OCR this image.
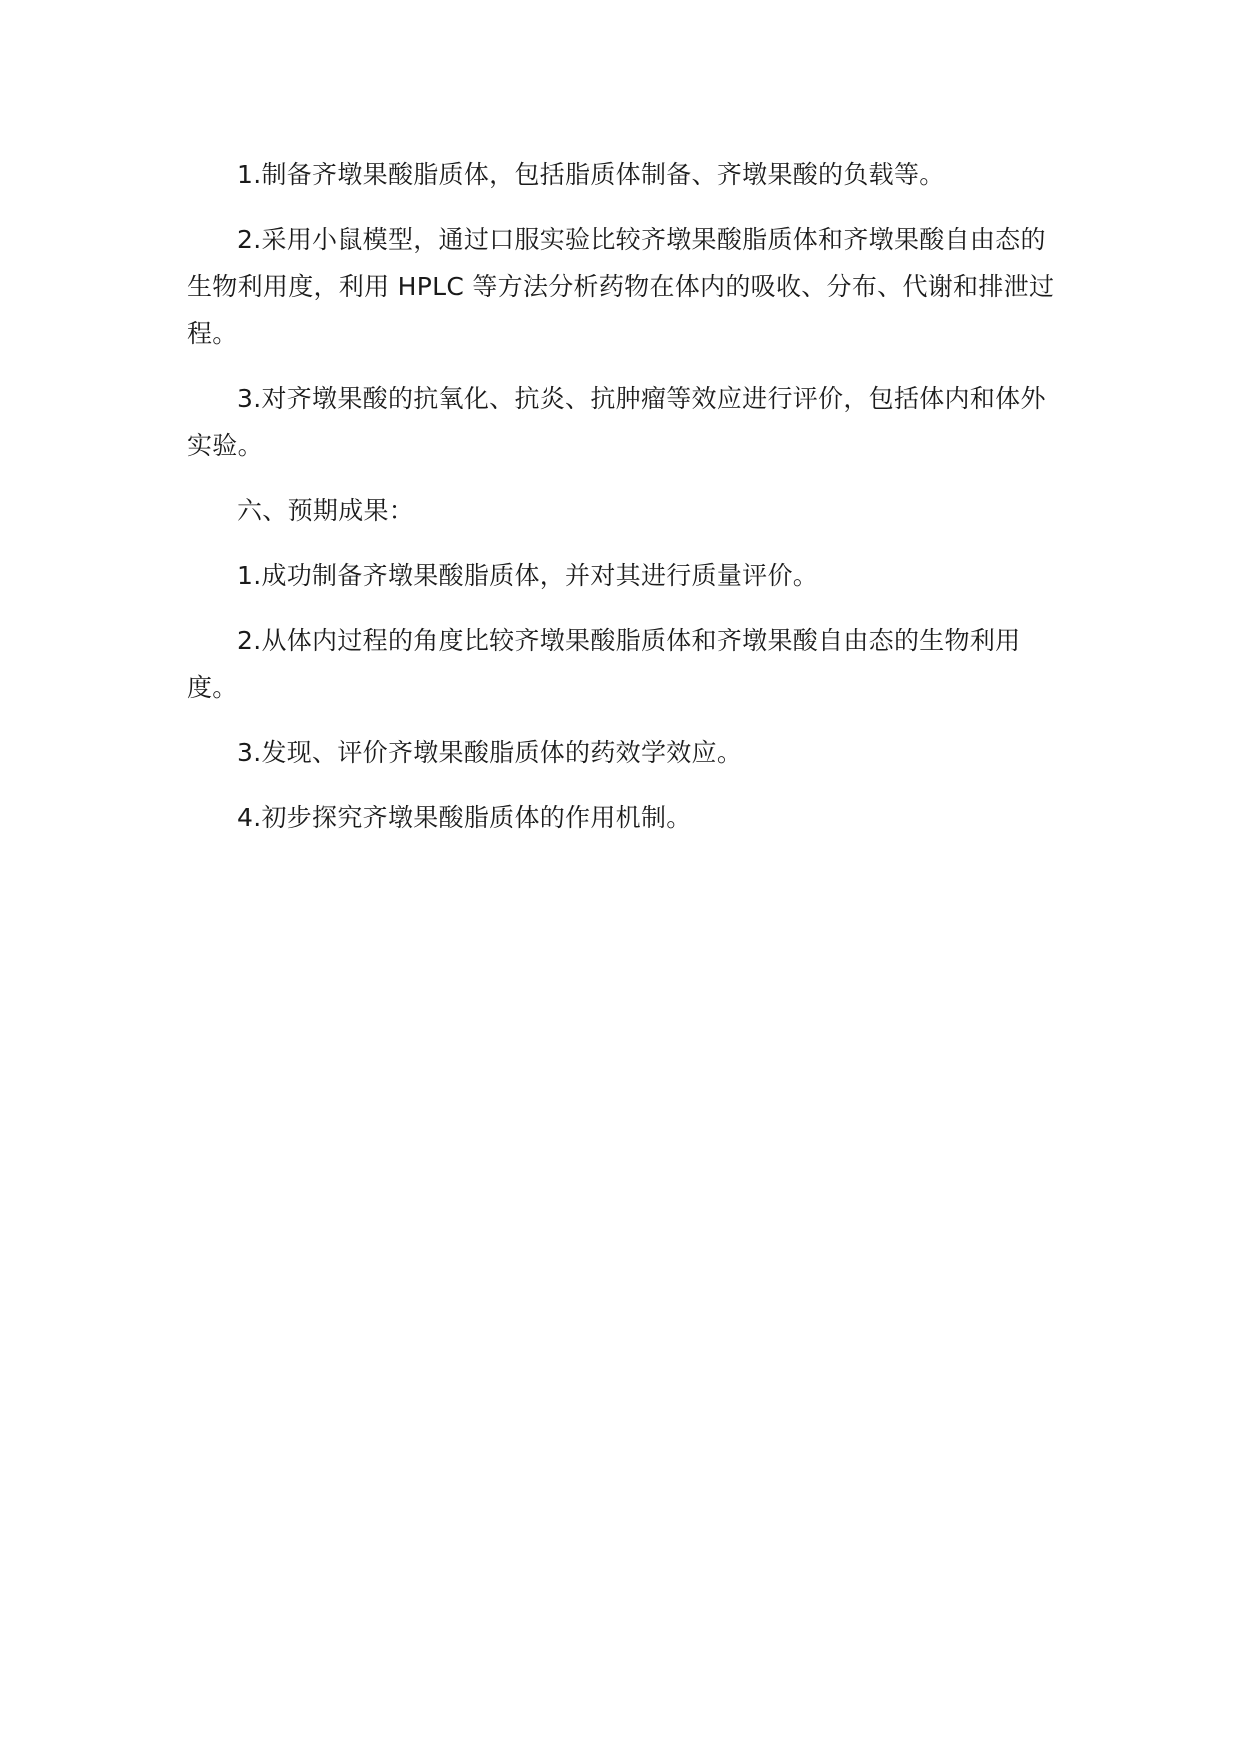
1.制备齐墩果酸脂质体，包括脂质体制备、齐墩果酸的负载等。

2.采用小鼠模型，通过口服实验比较齐墩果酸脂质体和齐墩果酸自由态的生物利用度，利用 HPLC 等方法分析药物在体内的吸收、分布、代谢和排泄过程。

3.对齐墩果酸的抗氧化、抗炎、抗肿瘤等效应进行评价，包括体内和体外实验。

六、预期成果：

1.成功制备齐墩果酸脂质体，并对其进行质量评价。

2.从体内过程的角度比较齐墩果酸脂质体和齐墩果酸自由态的生物利用度。

3.发现、评价齐墩果酸脂质体的药效学效应。

4.初步探究齐墩果酸脂质体的作用机制。
